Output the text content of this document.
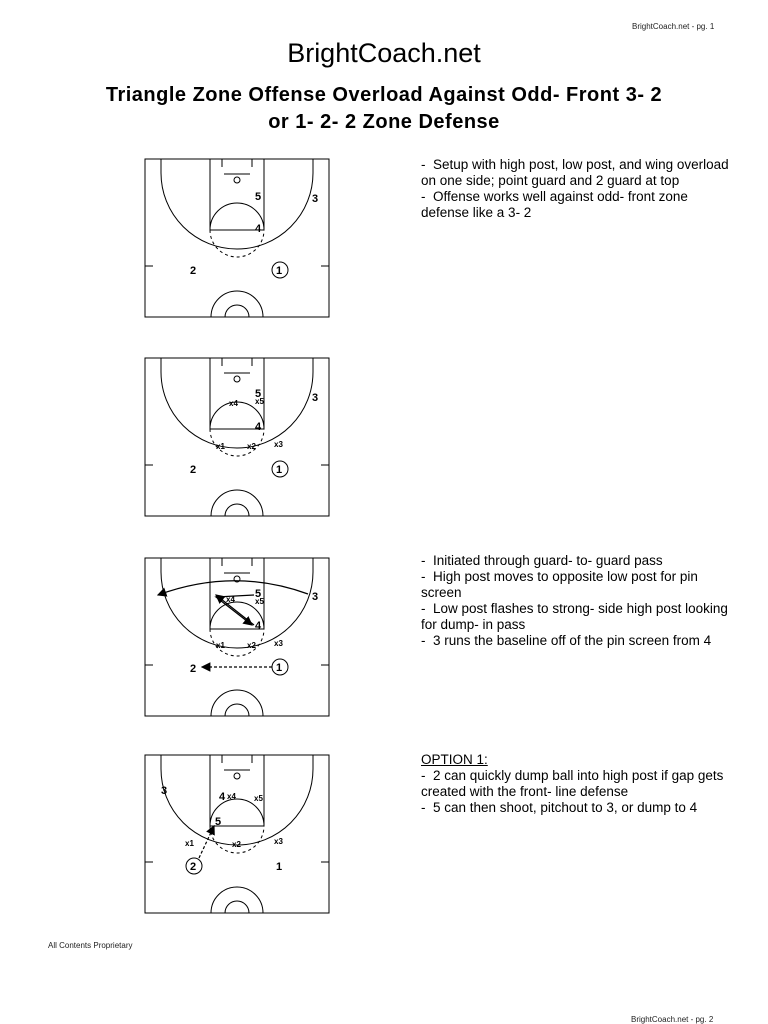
BrightCoach.net - pg. 1
BrightCoach.net
Triangle Zone Offense Overload Against Odd- Front 3- 2
or 1- 2- 2 Zone Defense
5	3
4
2	1
5
x5
x4	3
4
x1	x2 x3
2	1
5
x5
x4	3
4
x1	x2 x3
2	1
3	4 x4 x5
5
x1	x2	x3
2	1
-  Setup with high post, low post, and wing overload on one side; point guard and 2 guard at top
-  Offense works well against odd- front zone defense like a 3- 2
-  Initiated through guard- to- guard pass
-  High post moves to opposite low post for pin screen
-  Low post flashes to strong- side high post looking for dump- in pass
-  3 runs the baseline off of the pin screen from 4
OPTION 1:
-  2 can quickly dump ball into high post if gap gets created with the front- line defense
-  5 can then shoot, pitchout to 3, or dump to 4
All Contents Proprietary
BrightCoach.net - pg. 2
